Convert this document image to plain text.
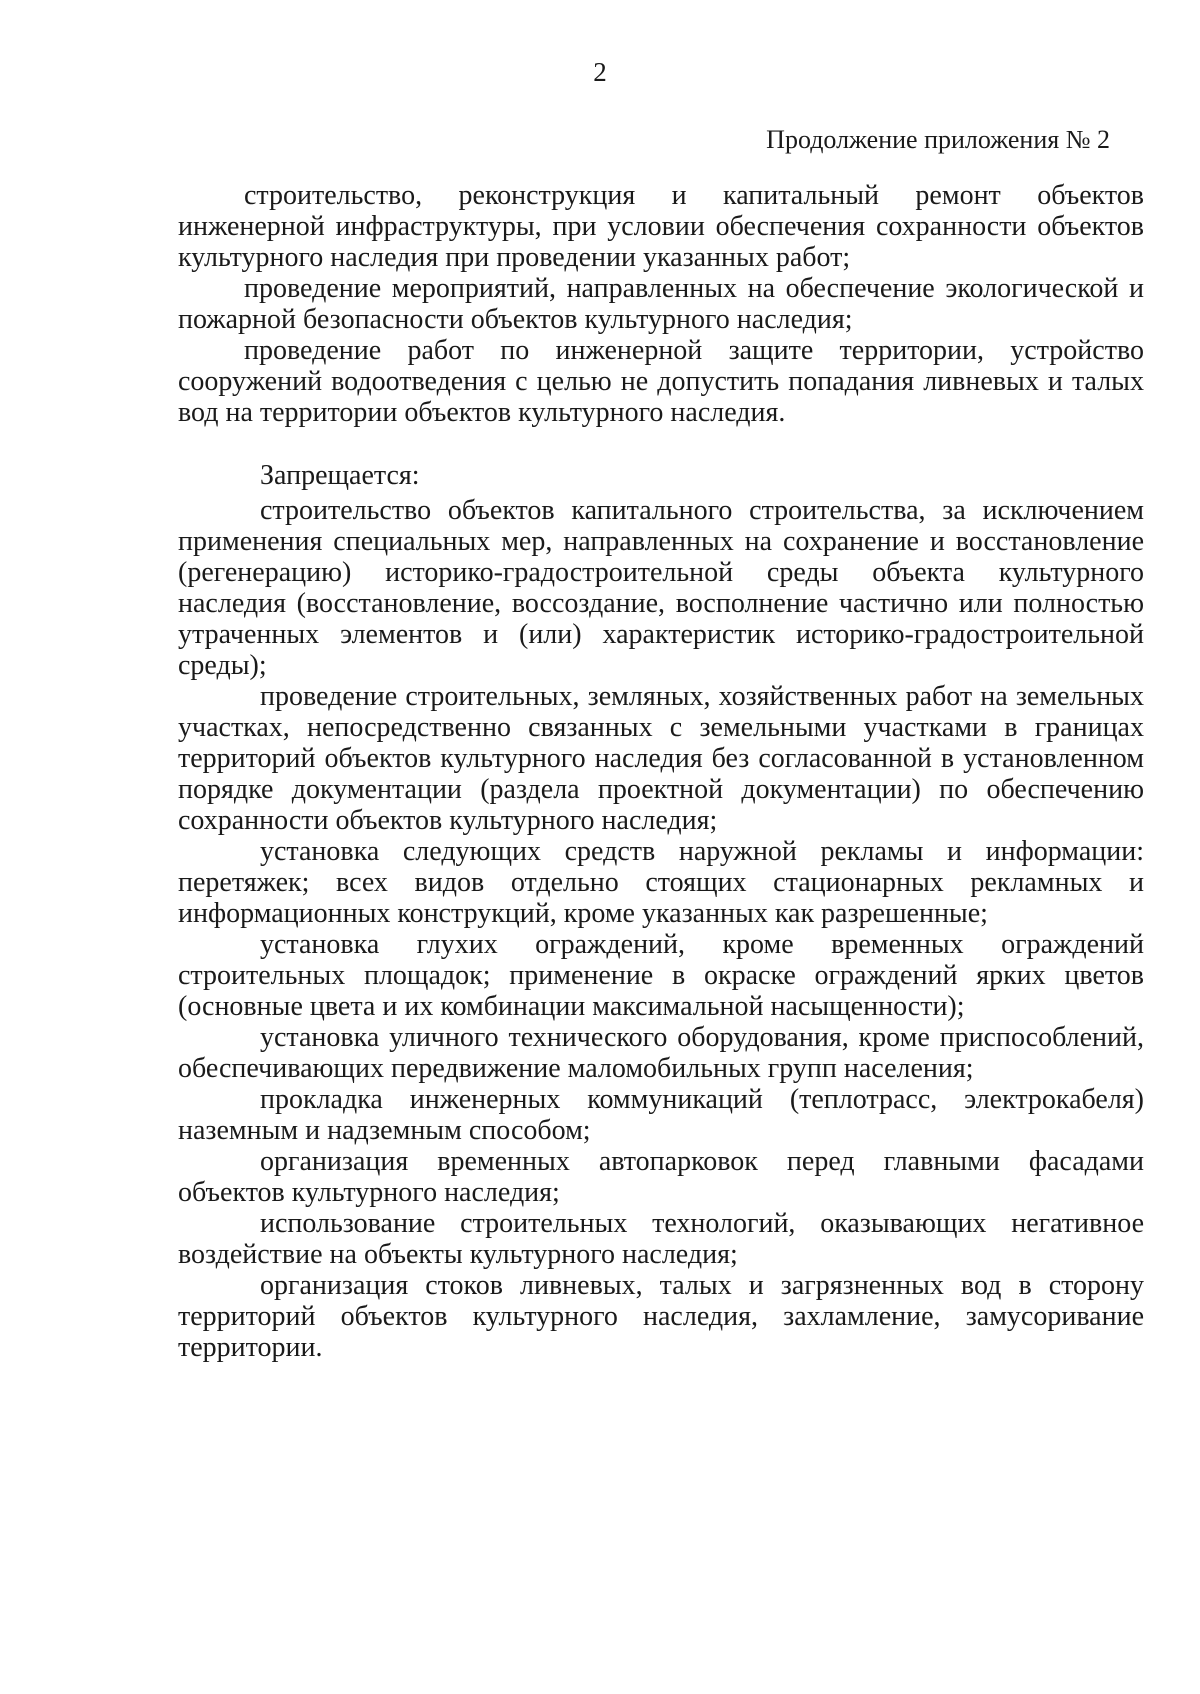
2
Продолжение приложения № 2

строительство, реконструкция и капитальный ремонт объектов инженерной инфраструктуры, при условии обеспечения сохранности объектов культурного наследия при проведении указанных работ;

проведение мероприятий, направленных на обеспечение экологической и пожарной безопасности объектов культурного наследия;

проведение работ по инженерной защите территории, устройство сооружений водоотведения с целью не допустить попадания ливневых и талых вод на территории объектов культурного наследия.

Запрещается:

строительство объектов капитального строительства, за исключением применения специальных мер, направленных на сохранение и восстановление (регенерацию) историко-градостроительной среды объекта культурного наследия (восстановление, воссоздание, восполнение частично или полностью утраченных элементов и (или) характеристик историко-градостроительной среды);

проведение строительных, земляных, хозяйственных работ на земельных участках, непосредственно связанных с земельными участками в границах территорий объектов культурного наследия без согласованной в установленном порядке документации (раздела проектной документации) по обеспечению сохранности объектов культурного наследия;

установка следующих средств наружной рекламы и информации: перетяжек; всех видов отдельно стоящих стационарных рекламных и информационных конструкций, кроме указанных как разрешенные;

установка глухих ограждений, кроме временных ограждений строительных площадок; применение в окраске ограждений ярких цветов (основные цвета и их комбинации максимальной насыщенности);

установка уличного технического оборудования, кроме приспособлений, обеспечивающих передвижение маломобильных групп населения;

прокладка инженерных коммуникаций (теплотрасс, электрокабеля) наземным и надземным способом;

организация временных автопарковок перед главными фасадами объектов культурного наследия;

использование строительных технологий, оказывающих негативное воздействие на объекты культурного наследия;

организация стоков ливневых, талых и загрязненных вод в сторону территорий объектов культурного наследия, захламление, замусоривание территории.
